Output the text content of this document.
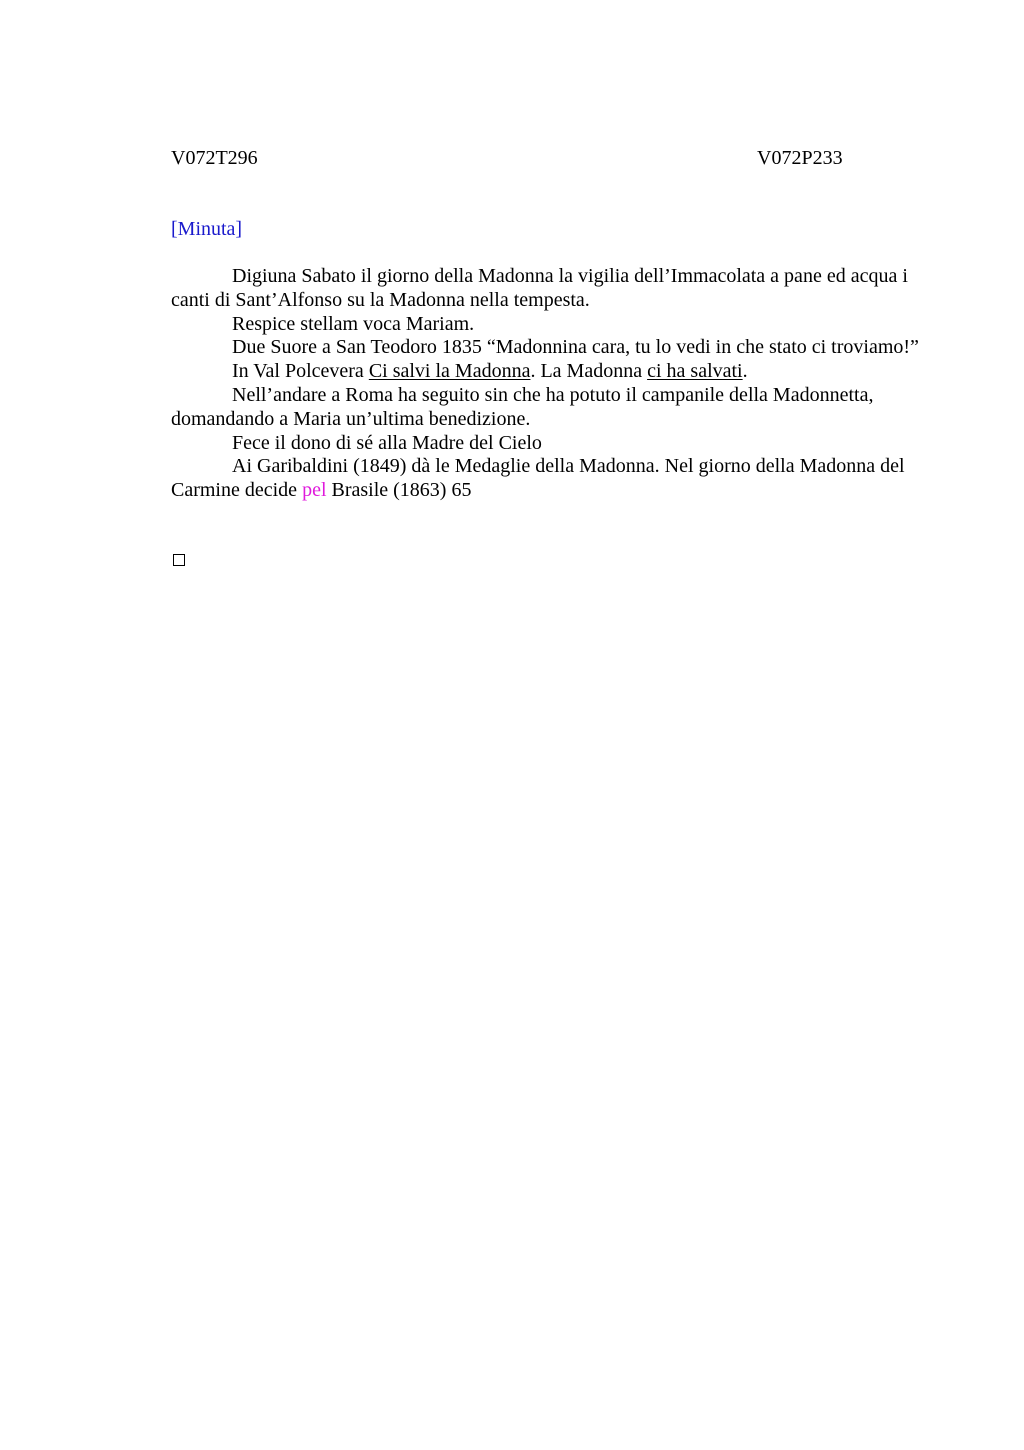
V072T296	V072P233
[Minuta]

Digiuna Sabato il giorno della Madonna la vigilia dell’Immacolata a pane ed acqua i canti di Sant’Alfonso su la Madonna nella tempesta.

Respice stellam voca Mariam.

Due Suore a San Teodoro 1835 “Madonnina cara, tu lo vedi in che stato ci troviamo!”

In Val Polcevera Ci salvi la Madonna. La Madonna ci ha salvati.

Nell’andare a Roma ha seguito sin che ha potuto il campanile della Madonnetta, domandando a Maria un’ultima benedizione.

Fece il dono di sé alla Madre del Cielo

Ai Garibaldini (1849) dà le Medaglie della Madonna. Nel giorno della Madonna del Carmine decide pel Brasile (1863) 65
